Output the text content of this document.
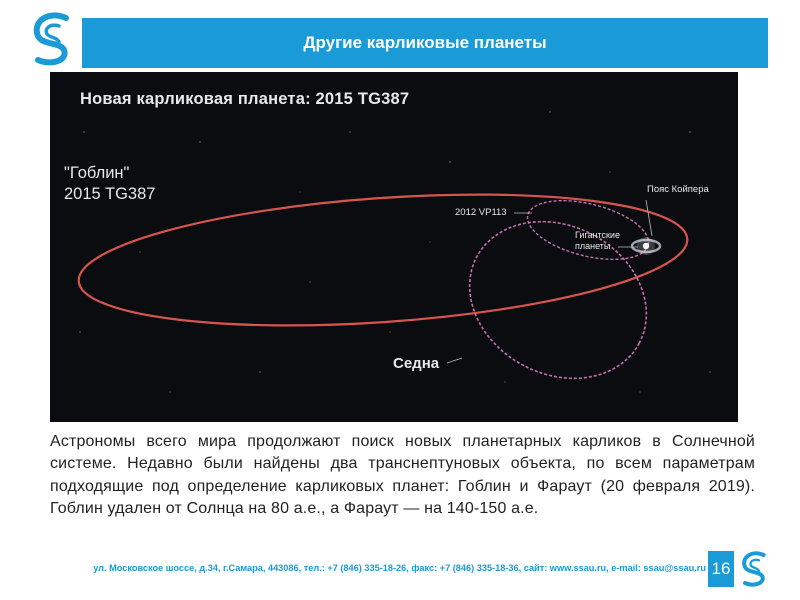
Другие карликовые планеты
Новая карликовая планета: 2015 TG387
"Гоблин"
2015 TG387
2012 VP113
Пояс Койпера
Гигантские
планеты
Седна
Астрономы всего мира продолжают поиск новых планетарных карликов в Солнечной системе. Недавно были найдены два транснептуновых объекта, по всем параметрам подходящие под определение карликовых планет: Гоблин и Фараут (20 февраля 2019). Гоблин удален от Солнца на 80 а.е., а Фараут — на 140-150 а.е.
ул. Московское шоссе, д.34, г.Самара, 443086, тел.: +7 (846) 335-18-26, факс: +7 (846) 335-18-36, сайт: www.ssau.ru, e-mail: ssau@ssau.ru 16
